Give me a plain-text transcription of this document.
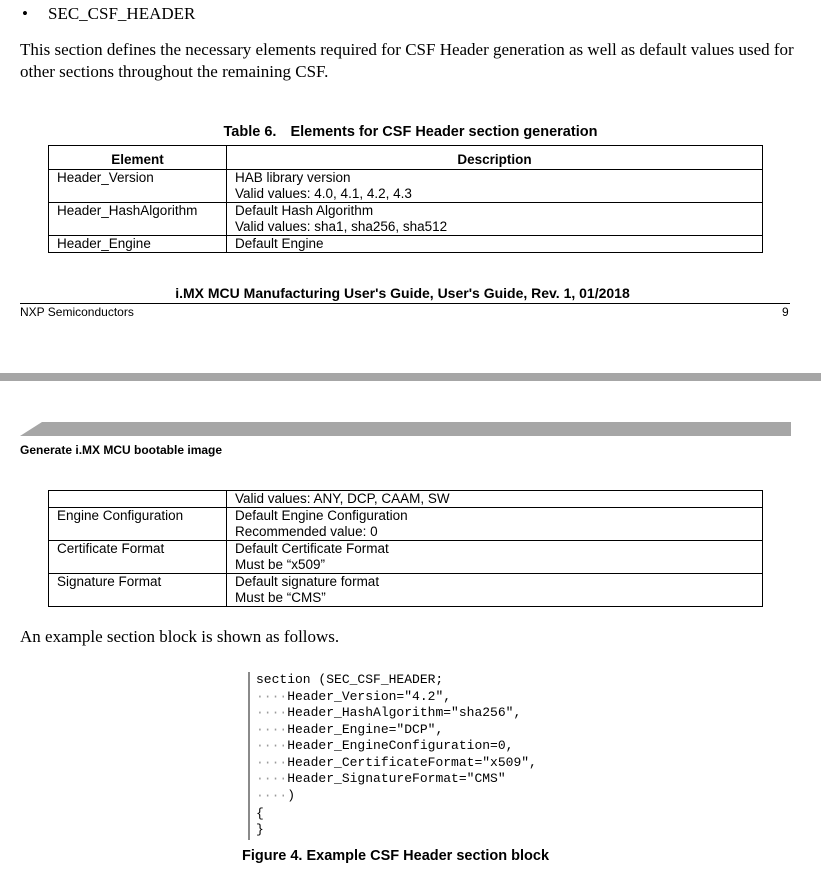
• SEC_CSF_HEADER
This section defines the necessary elements required for CSF Header generation as well as default values used for other sections throughout the remaining CSF.
Table 6. Elements for CSF Header section generation
Element	Description
Header_Version	HAB library version
Valid values: 4.0, 4.1, 4.2, 4.3

Header_HashAlgorithm	Default Hash Algorithm
Valid values: sha1, sha256, sha512

Header_Engine	Default Engine
i.MX MCU Manufacturing User's Guide, User's Guide, Rev. 1, 01/2018
NXP Semiconductors	9
Generate i.MX MCU bootable image

	Valid values: ANY, DCP, CAAM, SW

Engine Configuration	Default Engine Configuration
Recommended value: 0

Certificate Format	Default Certificate Format
Must be “x509”

Signature Format	Default signature format
Must be “CMS”
An example section block is shown as follows.
section (SEC_CSF_HEADER;
····Header_Version="4.2",
····Header_HashAlgorithm="sha256",
····Header_Engine="DCP",
····Header_EngineConfiguration=0,
····Header_CertificateFormat="x509",
····Header_SignatureFormat="CMS"
····)
{
}
Figure 4. Example CSF Header section block
